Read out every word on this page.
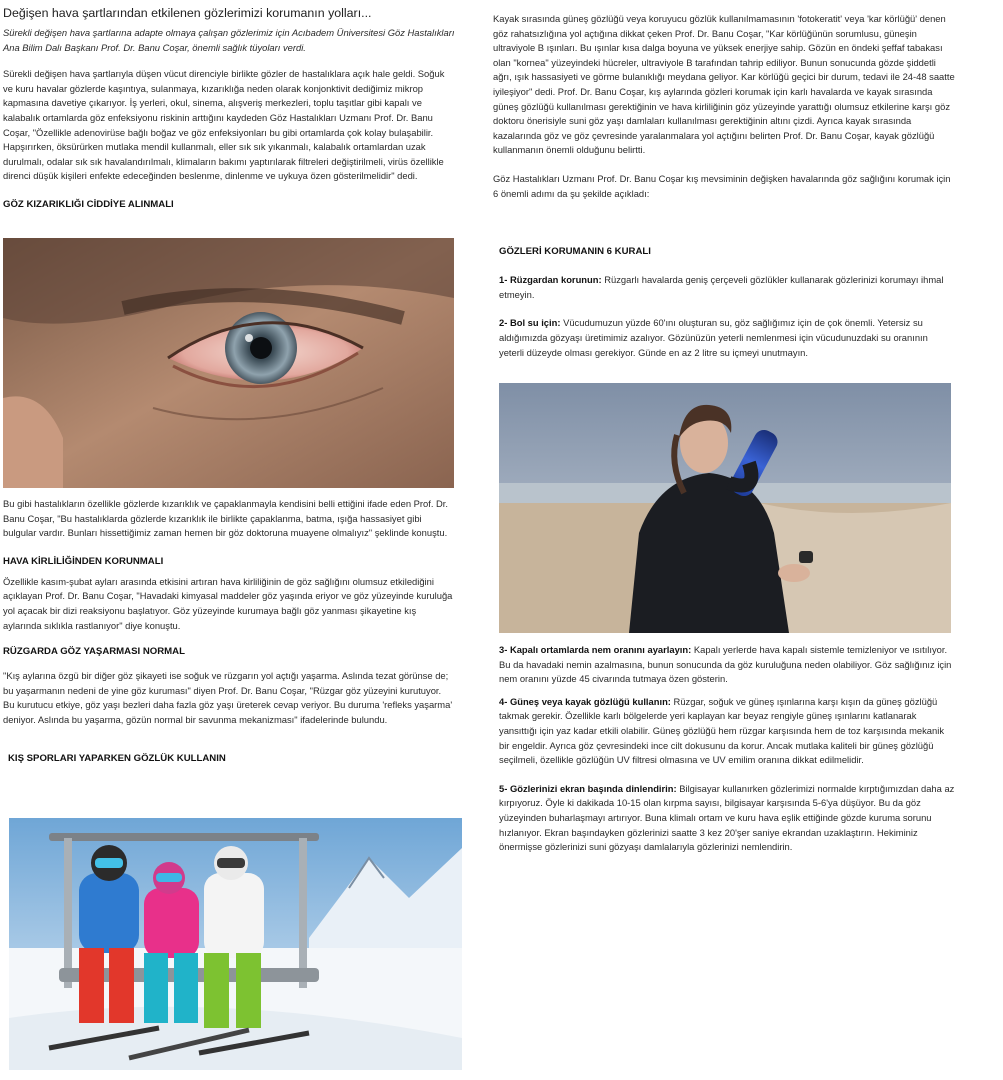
Değişen hava şartlarından etkilenen gözlerimizi korumanın yolları...

Sürekli değişen hava şartlarına adapte olmaya çalışan gözlerimiz için Acıbadem Üniversitesi Göz Hastalıkları Ana Bilim Dalı Başkanı Prof. Dr. Banu Coşar, önemli sağlık tüyoları verdi.

Sürekli değişen hava şartlarıyla düşen vücut direnciyle birlikte gözler de hastalıklara açık hale geldi. Soğuk ve kuru havalar gözlerde kaşıntıya, sulanmaya, kızarıklığa neden olarak konjonktivit dediğimiz mikrop kapmasına davetiye çıkarıyor. İş yerleri, okul, sinema, alışveriş merkezleri, toplu taşıtlar gibi kapalı ve kalabalık ortamlarda göz enfeksiyonu riskinin arttığını kaydeden Göz Hastalıkları Uzmanı Prof. Dr. Banu Coşar, "Özellikle adenovirüse bağlı boğaz ve göz enfeksiyonları bu gibi ortamlarda çok kolay bulaşabilir. Hapşırırken, öksürürken mutlaka mendil kullanmalı, eller sık sık yıkanmalı, kalabalık ortamlardan uzak durulmalı, odalar sık sık havalandırılmalı, klimaların bakımı yaptırılarak filtreleri değiştirilmeli, virüs özellikle direnci düşük kişileri enfekte edeceğinden beslenme, dinlenme ve uykuya özen gösterilmelidir" dedi.

GÖZ KIZARIKLIĞI CİDDİYE ALINMALI

Bu gibi hastalıkların özellikle gözlerde kızarıklık ve çapaklanmayla kendisini belli ettiğini ifade eden Prof. Dr. Banu Coşar, "Bu hastalıklarda gözlerde kızarıklık ile birlikte çapaklanma, batma, ışığa hassasiyet gibi bulgular vardır. Bunları hissettiğimiz zaman hemen bir göz doktoruna muayene olmalıyız" şeklinde konuştu.

HAVA KİRLİLİĞİNDEN KORUNMALI

Özellikle kasım-şubat ayları arasında etkisini artıran hava kirliliğinin de göz sağlığını olumsuz etkilediğini açıklayan Prof. Dr. Banu Coşar, "Havadaki kimyasal maddeler göz yaşında eriyor ve göz yüzeyinde kuruluğa yol açacak bir dizi reaksiyonu başlatıyor. Göz yüzeyinde kurumaya bağlı göz yanması şikayetine kış aylarında sıklıkla rastlanıyor" diye konuştu.

RÜZGARDA GÖZ YAŞARMASI NORMAL

"Kış aylarına özgü bir diğer göz şikayeti ise soğuk ve rüzgarın yol açtığı yaşarma. Aslında tezat görünse de; bu yaşarmanın nedeni de yine göz kuruması" diyen Prof. Dr. Banu Coşar, "Rüzgar göz yüzeyini kurutuyor. Bu kurutucu etkiye, göz yaşı bezleri daha fazla göz yaşı üreterek cevap veriyor. Bu duruma 'refleks yaşarma' deniyor. Aslında bu yaşarma, gözün normal bir savunma mekanizması" ifadelerinde bulundu.

KIŞ SPORLARI YAPARKEN GÖZLÜK KULLANIN

Kayak sırasında güneş gözlüğü veya koruyucu gözlük kullanılmamasının 'fotokeratit' veya 'kar körlüğü' denen göz rahatsızlığına yol açtığına dikkat çeken Prof. Dr. Banu Coşar, "Kar körlüğünün sorumlusu, güneşin ultraviyole B ışınları. Bu ışınlar kısa dalga boyuna ve yüksek enerjiye sahip. Gözün en öndeki şeffaf tabakası olan "kornea" yüzeyindeki hücreler, ultraviyole B tarafından tahrip ediliyor. Bunun sonucunda gözde şiddetli ağrı, ışık hassasiyeti ve görme bulanıklığı meydana geliyor. Kar körlüğü geçici bir durum, tedavi ile 24-48 saatte iyileşiyor" dedi. Prof. Dr. Banu Coşar, kış aylarında gözleri korumak için karlı havalarda ve kayak sırasında güneş gözlüğü kullanılması gerektiğinin ve hava kirliliğinin göz yüzeyinde yarattığı olumsuz etkilerine karşı göz doktoru önerisiyle suni göz yaşı damlaları kullanılması gerektiğinin altını çizdi. Ayrıca kayak sırasında kazalarında göz ve göz çevresinde yaralanmalara yol açtığını belirten Prof. Dr. Banu Coşar, kayak gözlüğü kullanmanın önemli olduğunu belirtti.

Göz Hastalıkları Uzmanı Prof. Dr. Banu Coşar kış mevsiminin değişken havalarında göz sağlığını korumak için 6 önemli adımı da şu şekilde açıkladı:

GÖZLERİ KORUMANIN 6 KURALI

1- Rüzgardan korunun: Rüzgarlı havalarda geniş çerçeveli gözlükler kullanarak gözlerinizi korumayı ihmal etmeyin.

2- Bol su için: Vücudumuzun yüzde 60'ını oluşturan su, göz sağlığımız için de çok önemli. Yetersiz su aldığımızda gözyaşı üretimimiz azalıyor. Gözünüzün yeterli nemlenmesi için vücudunuzdaki su oranının yeterli düzeyde olması gerekiyor. Günde en az 2 litre su içmeyi unutmayın.

3- Kapalı ortamlarda nem oranını ayarlayın: Kapalı yerlerde hava kapalı sistemle temizleniyor ve ısıtılıyor. Bu da havadaki nemin azalmasına, bunun sonucunda da göz kuruluğuna neden olabiliyor. Göz sağlığınız için nem oranını yüzde 45 civarında tutmaya özen gösterin.

4- Güneş veya kayak gözlüğü kullanın: Rüzgar, soğuk ve güneş ışınlarına karşı kışın da güneş gözlüğü takmak gerekir. Özellikle karlı bölgelerde yeri kaplayan kar beyaz rengiyle güneş ışınlarını katlanarak yansıttığı için yaz kadar etkili olabilir. Güneş gözlüğü hem rüzgar karşısında hem de toz karşısında mekanik bir engeldir. Ayrıca göz çevresindeki ince cilt dokusunu da korur. Ancak mutlaka kaliteli bir güneş gözlüğü seçilmeli, özellikle gözlüğün UV filtresi olmasına ve UV emilim oranına dikkat edilmelidir.

5- Gözlerinizi ekran başında dinlendirin: Bilgisayar kullanırken gözlerimizi normalde kırptığımızdan daha az kırpıyoruz. Öyle ki dakikada 10-15 olan kırpma sayısı, bilgisayar karşısında 5-6'ya düşüyor. Bu da göz yüzeyinden buharlaşmayı artırıyor. Buna klimalı ortam ve kuru hava eşlik ettiğinde gözde kuruma sorunu hızlanıyor. Ekran başındayken gözlerinizi saatte 3 kez 20'şer saniye ekrandan uzaklaştırın. Hekiminiz önermişse gözlerinizi suni gözyaşı damlalarıyla gözlerinizi nemlendirin.
